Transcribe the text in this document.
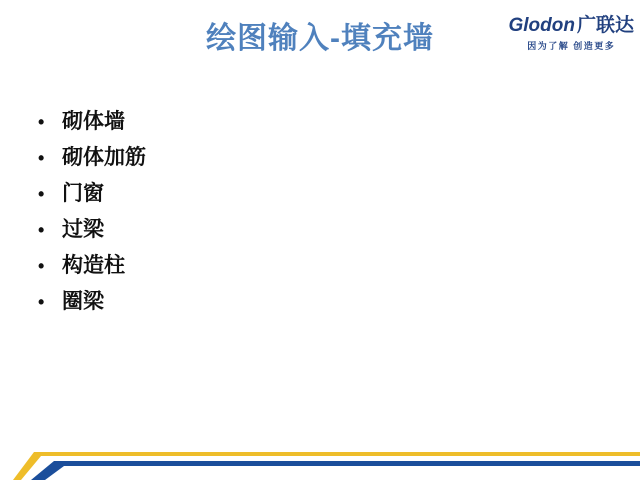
绘图输入-填充墙	Glodon 广联达
因为了解 创造更多
• 砌体墙
• 砌体加筋
• 门窗
• 过梁
• 构造柱
• 圈梁
